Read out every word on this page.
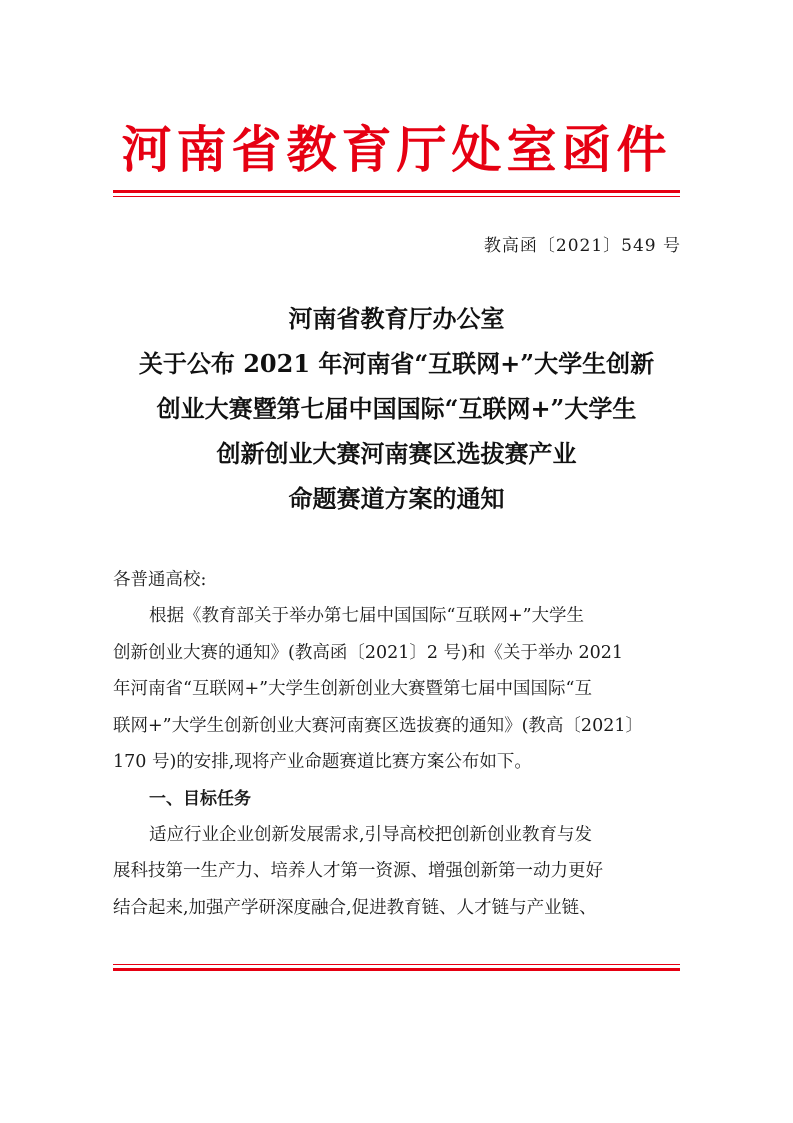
河南省教育厅处室函件
教高函〔2021〕549 号
河南省教育厅办公室
关于公布 2021 年河南省“互联网+”大学生创新
创业大赛暨第七届中国国际“互联网+”大学生
创新创业大赛河南赛区选拔赛产业
命题赛道方案的通知
各普通高校:
根据《教育部关于举办第七届中国国际“互联网+”大学生
创新创业大赛的通知》(教高函〔2021〕2 号)和《关于举办 2021
年河南省“互联网+”大学生创新创业大赛暨第七届中国国际“互
联网+”大学生创新创业大赛河南赛区选拔赛的通知》(教高〔2021〕
170 号)的安排,现将产业命题赛道比赛方案公布如下。
一、目标任务
适应行业企业创新发展需求,引导高校把创新创业教育与发
展科技第一生产力、培养人才第一资源、增强创新第一动力更好
结合起来,加强产学研深度融合,促进教育链、人才链与产业链、
